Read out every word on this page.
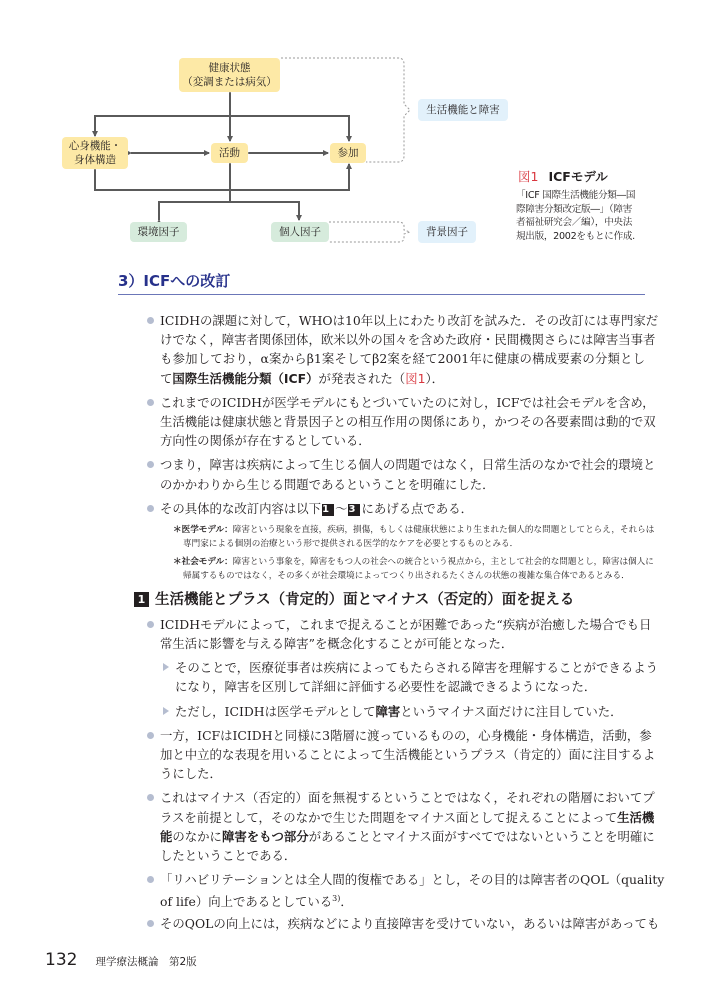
健康状態
（変調または病気）
心身機能・
身体構造
活動	参加
環境因子	個人因子
生活機能と障害
背景因子
図1 ICFモデル
「ICF 国際生活機能分類―国
際障害分類改定版―」（障害
者福祉研究会／編），中央法
規出版，2002をもとに作成.
3）ICFへの改訂
ICIDHの課題に対して，WHOは10年以上にわたり改訂を試みた．その改訂には専門家だ
けでなく，障害者関係団体，欧米以外の国々を含めた政府・民間機関さらには障害当事者
も参加しており，α案からβ1案そしてβ2案を経て2001年に健康の構成要素の分類とし
て国際生活機能分類（ICF）が発表された（図1）．
これまでのICIDHが医学モデルにもとづいていたのに対し，ICFでは社会モデルを含め，
生活機能は健康状態と背景因子との相互作用の関係にあり，かつその各要素間は動的で双
方向性の関係が存在するとしている．
つまり，障害は疾病によって生じる個人の問題ではなく，日常生活のなかで社会的環境と
のかかわりから生じる問題であるということを明確にした．
その具体的な改訂内容は以下1 ～3 にあげる点である．
＊医学モデル：障害という現象を直接，疾病，損傷，もしくは健康状態により生まれた個人的な問題としてとらえ，それらは
専門家による個別の治療という形で提供される医学的なケアを必要とするものとみる．
＊社会モデル：障害という事象を，障害をもつ人の社会への統合という視点から，主として社会的な問題とし，障害は個人に
帰属するものではなく，その多くが社会環境によってつくり出されるたくさんの状態の複雑な集合体であるとみる．
1 生活機能とプラス（肯定的）面とマイナス（否定的）面を捉える
ICIDHモデルによって，これまで捉えることが困難であった“疾病が治癒した場合でも日
常生活に影響を与える障害”を概念化することが可能となった．
そのことで，医療従事者は疾病によってもたらされる障害を理解することができるよう
になり，障害を区別して詳細に評価する必要性を認識できるようになった．
ただし，ICIDHは医学モデルとして障害というマイナス面だけに注目していた．
一方，ICFはICIDHと同様に3階層に渡っているものの，心身機能・身体構造，活動，参
加と中立的な表現を用いることによって生活機能というプラス（肯定的）面に注目するよ
うにした．
これはマイナス（否定的）面を無視するということではなく，それぞれの階層においてプ
ラスを前提として，そのなかで生じた問題をマイナス面として捉えることによって生活機
能のなかに障害をもつ部分があることとマイナス面がすべてではないということを明確に
したということである．
「リハビリテーションとは全人間的復権である」とし，その目的は障害者のQOL（quality
of life）向上であるとしている$^{3)}$．
そのQOLの向上には，疾病などにより直接障害を受けていない，あるいは障害があっても
132 理学療法概論　第2版
